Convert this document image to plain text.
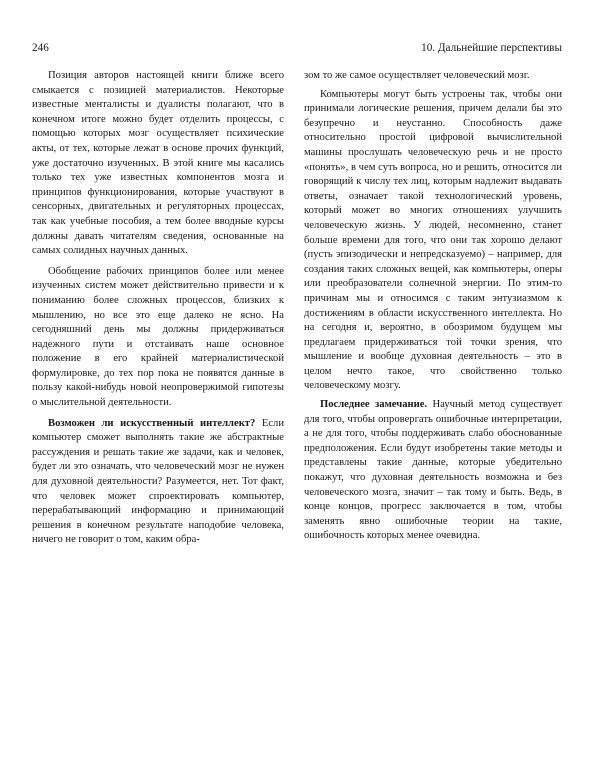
246	10. Дальнейшие перспективы

Позиция авторов настоящей книги ближе всего смыкается с позицией материалистов. Некоторые известные менталисты и дуалисты полагают, что в конечном итоге можно будет отделить процессы, с помощью которых мозг осуществляет психические акты, от тех, которые лежат в основе прочих функций, уже достаточно изученных. В этой книге мы касались только тех уже известных компонентов мозга и принципов функционирования, которые участвуют в сенсорных, двигательных и регуляторных процессах, так как учебные пособия, а тем более вводные курсы должны давать читателям сведения, основанные на самых солидных научных данных.

Обобщение рабочих принципов более или менее изученных систем может действительно привести и к пониманию более сложных процессов, близких к мышлению, но все это еще далеко не ясно. На сегодняшний день мы должны придерживаться надежного пути и отстаивать наше основное положение в его крайней материалистической формулировке, до тех пор пока не появятся данные в пользу какой-нибудь новой неопровержимой гипотезы о мыслительной деятельности.

Возможен ли искусственный интеллект? Если компьютер сможет выполнять такие же абстрактные рассуждения и решать такие же задачи, как и человек, будет ли это означать, что человеческий мозг не нужен для духовной деятельности? Разумеется, нет. Тот факт, что человек может спроектировать компьютер, перерабатывающий информацию и принимающий решения в конечном результате наподобие человека, ничего не говорит о том, каким обра-

зом то же самое осуществляет человеческий мозг.

Компьютеры могут быть устроены так, чтобы они принимали логические решения, причем делали бы это безупречно и неустанно. Способность даже относительно простой цифровой вычислительной машины прослушать человеческую речь и не просто «понять», в чем суть вопроса, но и решить, относится ли говорящий к числу тех лиц, которым надлежит выдавать ответы, означает такой технологический уровень, который может во многих отношениях улучшить человеческую жизнь. У людей, несомненно, станет больше времени для того, что они так хорошо делают (пусть эпизодически и непредсказуемо) – например, для создания таких сложных вещей, как компьютеры, оперы или преобразователи солнечной энергии. По этим-то причинам мы и относимся с таким энтузиазмом к достижениям в области искусственного интеллекта. Но на сегодня и, вероятно, в обозримом будущем мы предлагаем придерживаться той точки зрения, что мышление и вообще духовная деятельность – это в целом нечто такое, что свойственно только человеческому мозгу.

Последнее замечание. Научный метод существует для того, чтобы опровергать ошибочные интерпретации, а не для того, чтобы поддерживать слабо обоснованные предположения. Если будут изобретены такие методы и представлены такие данные, которые убедительно покажут, что духовная деятельность возможна и без человеческого мозга, значит – так тому и быть. Ведь, в конце концов, прогресс заключается в том, чтобы заменять явно ошибочные теории на такие, ошибочность которых менее очевидна.
